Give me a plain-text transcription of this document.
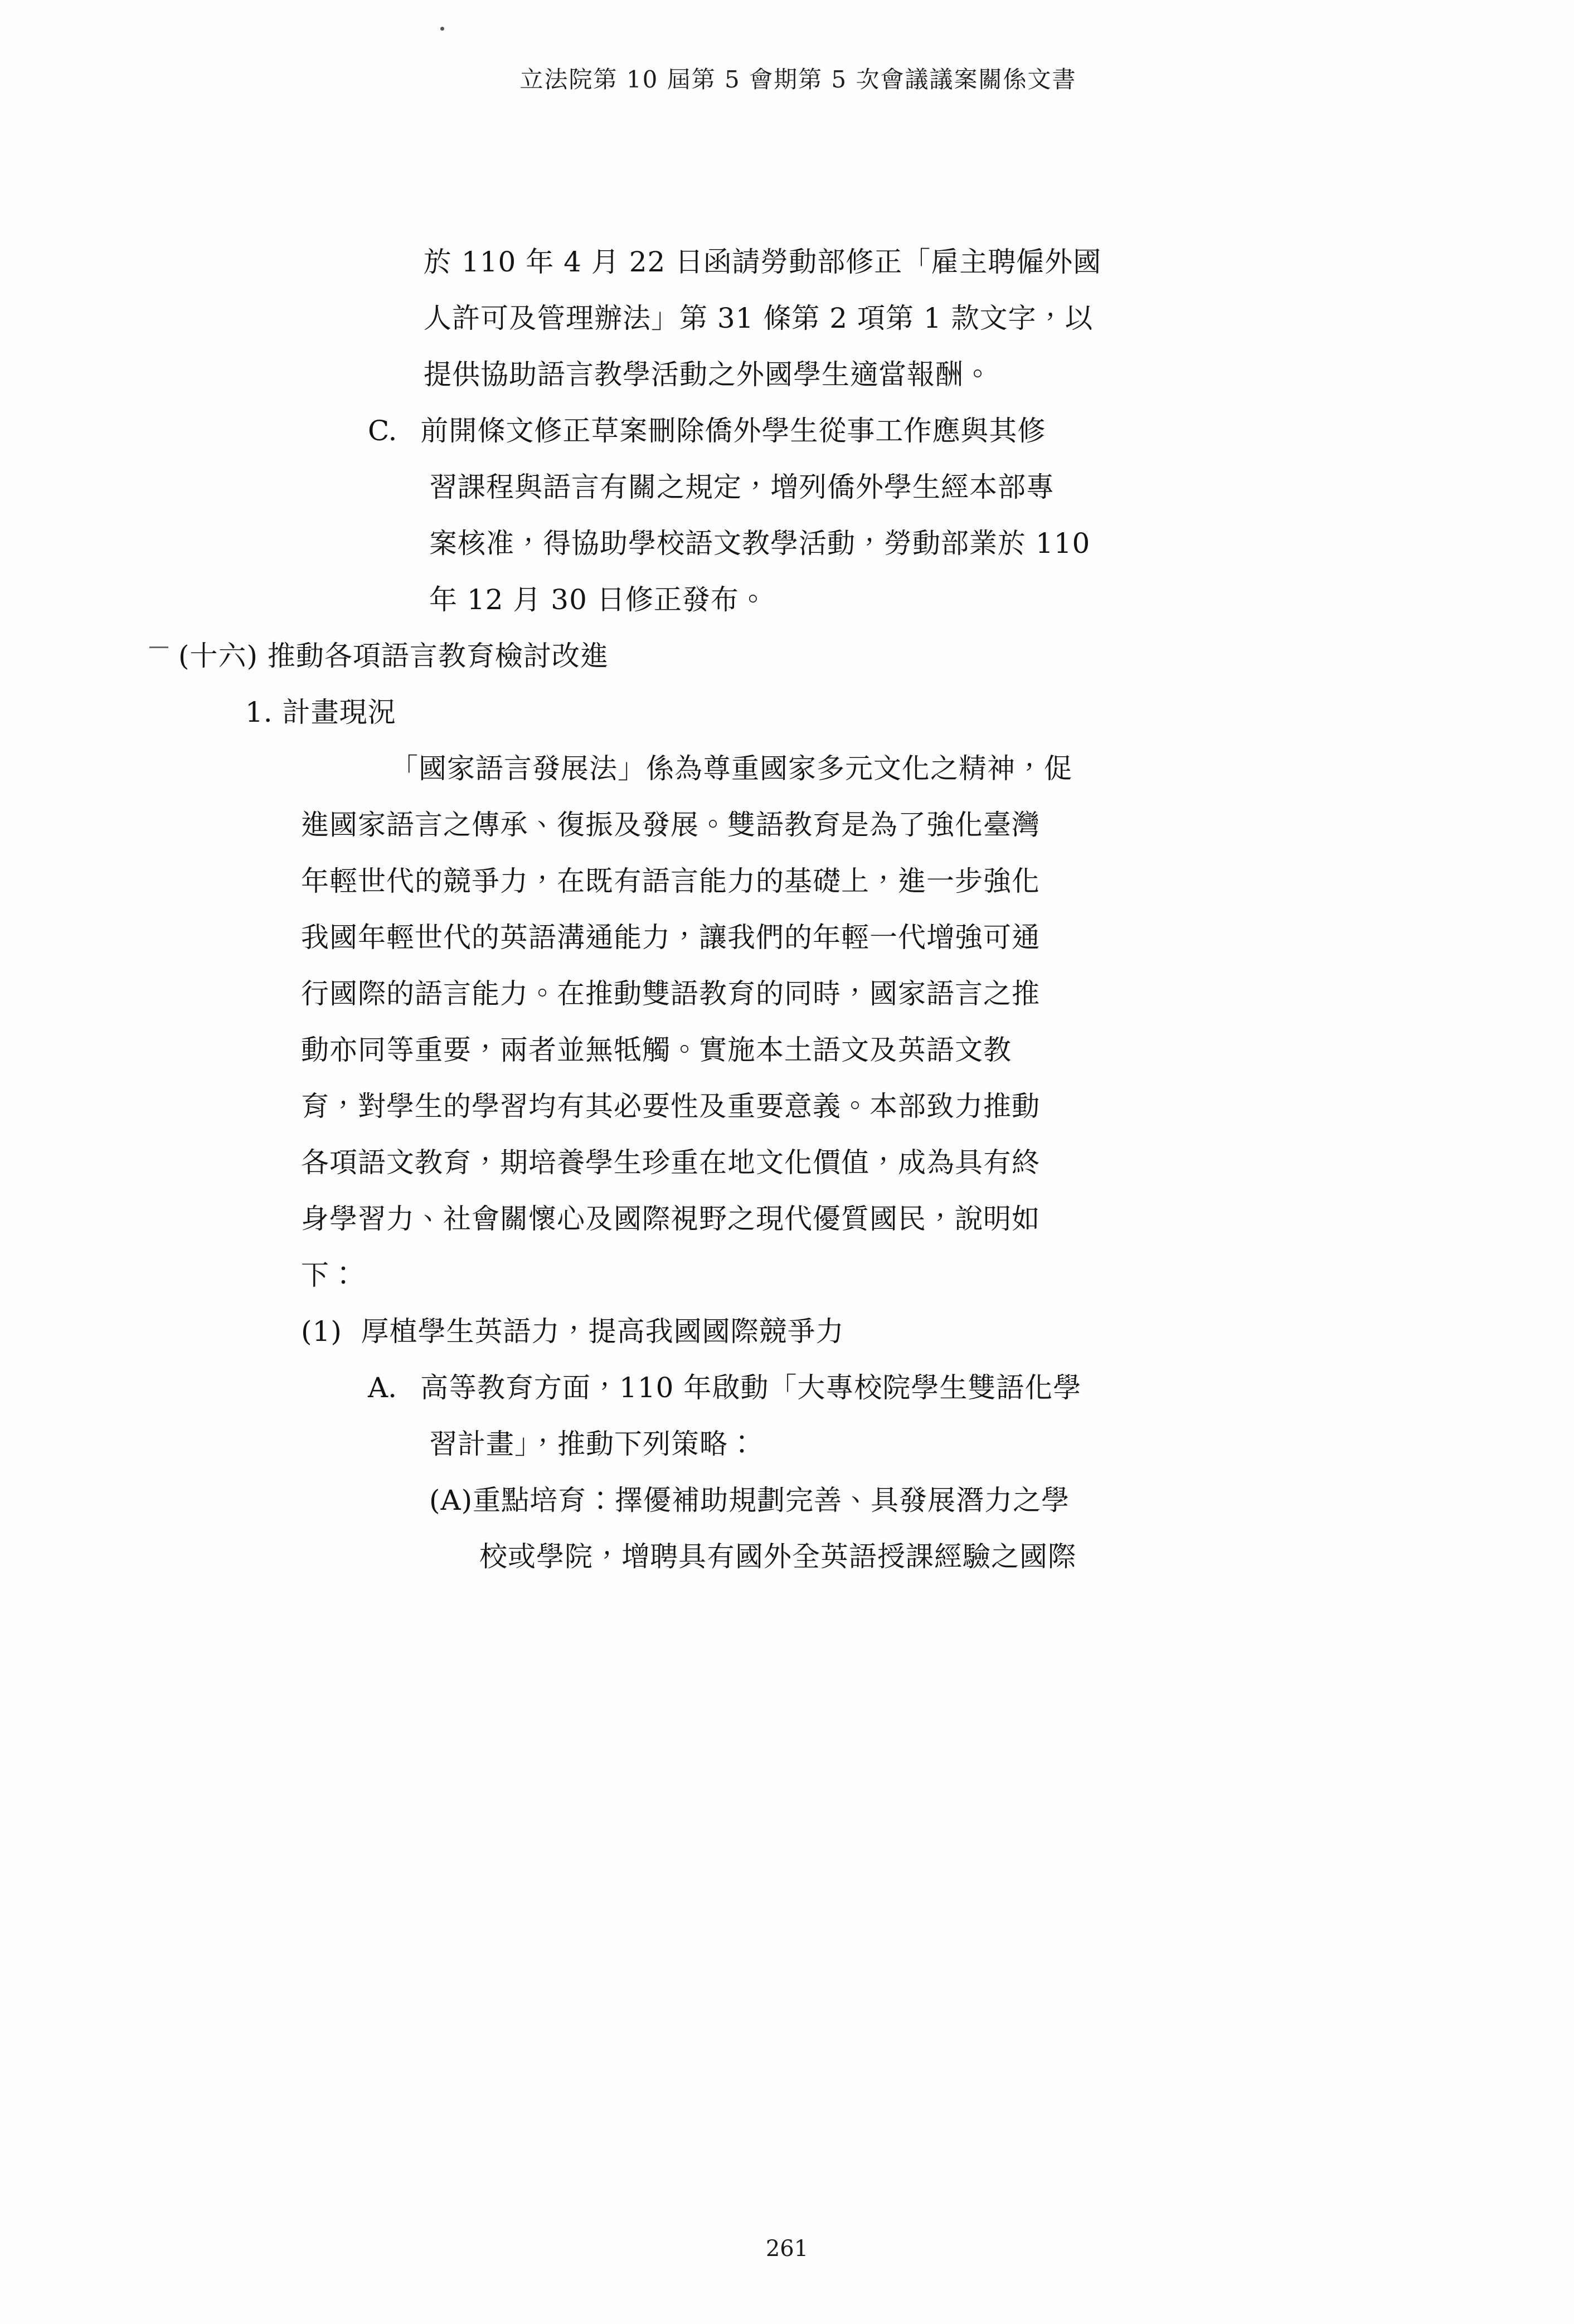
立法院第 10 屆第 5 會期第 5 次會議議案關係文書
於 110 年 4 月 22 日函請勞動部修正「雇主聘僱外國
人許可及管理辦法」第 31 條第 2 項第 1 款文字，以
提供協助語言教學活動之外國學生適當報酬。
C. 前開條文修正草案刪除僑外學生從事工作應與其修
習課程與語言有關之規定，增列僑外學生經本部專
案核准，得協助學校語文教學活動，勞動部業於 110
年 12 月 30 日修正發布。
(十六) 推動各項語言教育檢討改進
1. 計畫現況
「國家語言發展法」係為尊重國家多元文化之精神，促
進國家語言之傳承、復振及發展。雙語教育是為了強化臺灣
年輕世代的競爭力，在既有語言能力的基礎上，進一步強化
我國年輕世代的英語溝通能力，讓我們的年輕一代增強可通
行國際的語言能力。在推動雙語教育的同時，國家語言之推
動亦同等重要，兩者並無牴觸。實施本土語文及英語文教
育，對學生的學習均有其必要性及重要意義。本部致力推動
各項語文教育，期培養學生珍重在地文化價值，成為具有終
身學習力、社會關懷心及國際視野之現代優質國民，說明如
下：
(1)  厚植學生英語力，提高我國國際競爭力
A. 高等教育方面，110 年啟動「大專校院學生雙語化學
習計畫」，推動下列策略：
(A)重點培育：擇優補助規劃完善、具發展潛力之學
校或學院，增聘具有國外全英語授課經驗之國際
261
